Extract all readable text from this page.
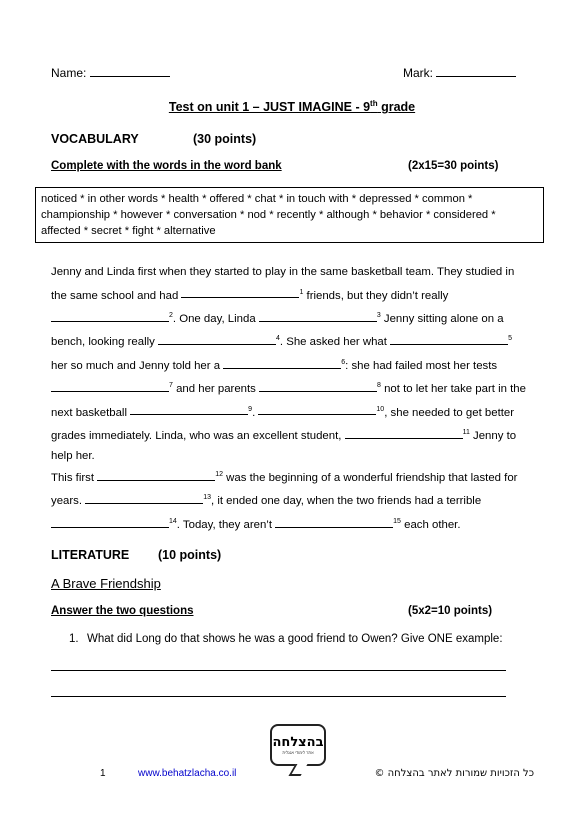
Name:	Mark:
Test on unit 1 – JUST IMAGINE - 9th grade
VOCABULARY	(30 points)
Complete with the words in the word bank	(2x15=30 points)
noticed * in other words * health * offered * chat * in touch with * depressed * common * championship * however * conversation * nod * recently * although * behavior * considered * affected * secret * fight * alternative
Jenny and Linda first when they started to play in the same basketball team. They studied in the same school and had	$^1$ friends, but they didn’t really $^2$. One day, Linda	$^3$ Jenny sitting alone on a bench, looking really	$^4$. She asked her what	$^5$ her so much and Jenny told her a	$^6$: she had failed most her tests $^7$ and her parents	$^8$ not to let her take part in the next basketball	$^9$.	$^{10}$, she needed to get better grades immediately. Linda, who was an excellent student,	$^{11}$ Jenny to help her.
This first	$^{12}$ was the beginning of a wonderful friendship that lasted for years.	$^{13}$, it ended one day, when the two friends had a terrible $^{14}$. Today, they aren’t	$^{15}$ each other.
LITERATURE (10 points)
A Brave Friendship
Answer the two questions	(5x2=10 points)
1. What did Long do that shows he was a good friend to Owen? Give ONE example:
בהצלחה
אתר לימודי אנגלית
1	www.behatzlacha.co.il	כל הזכויות שמורות לאתר בהצלחה ©
